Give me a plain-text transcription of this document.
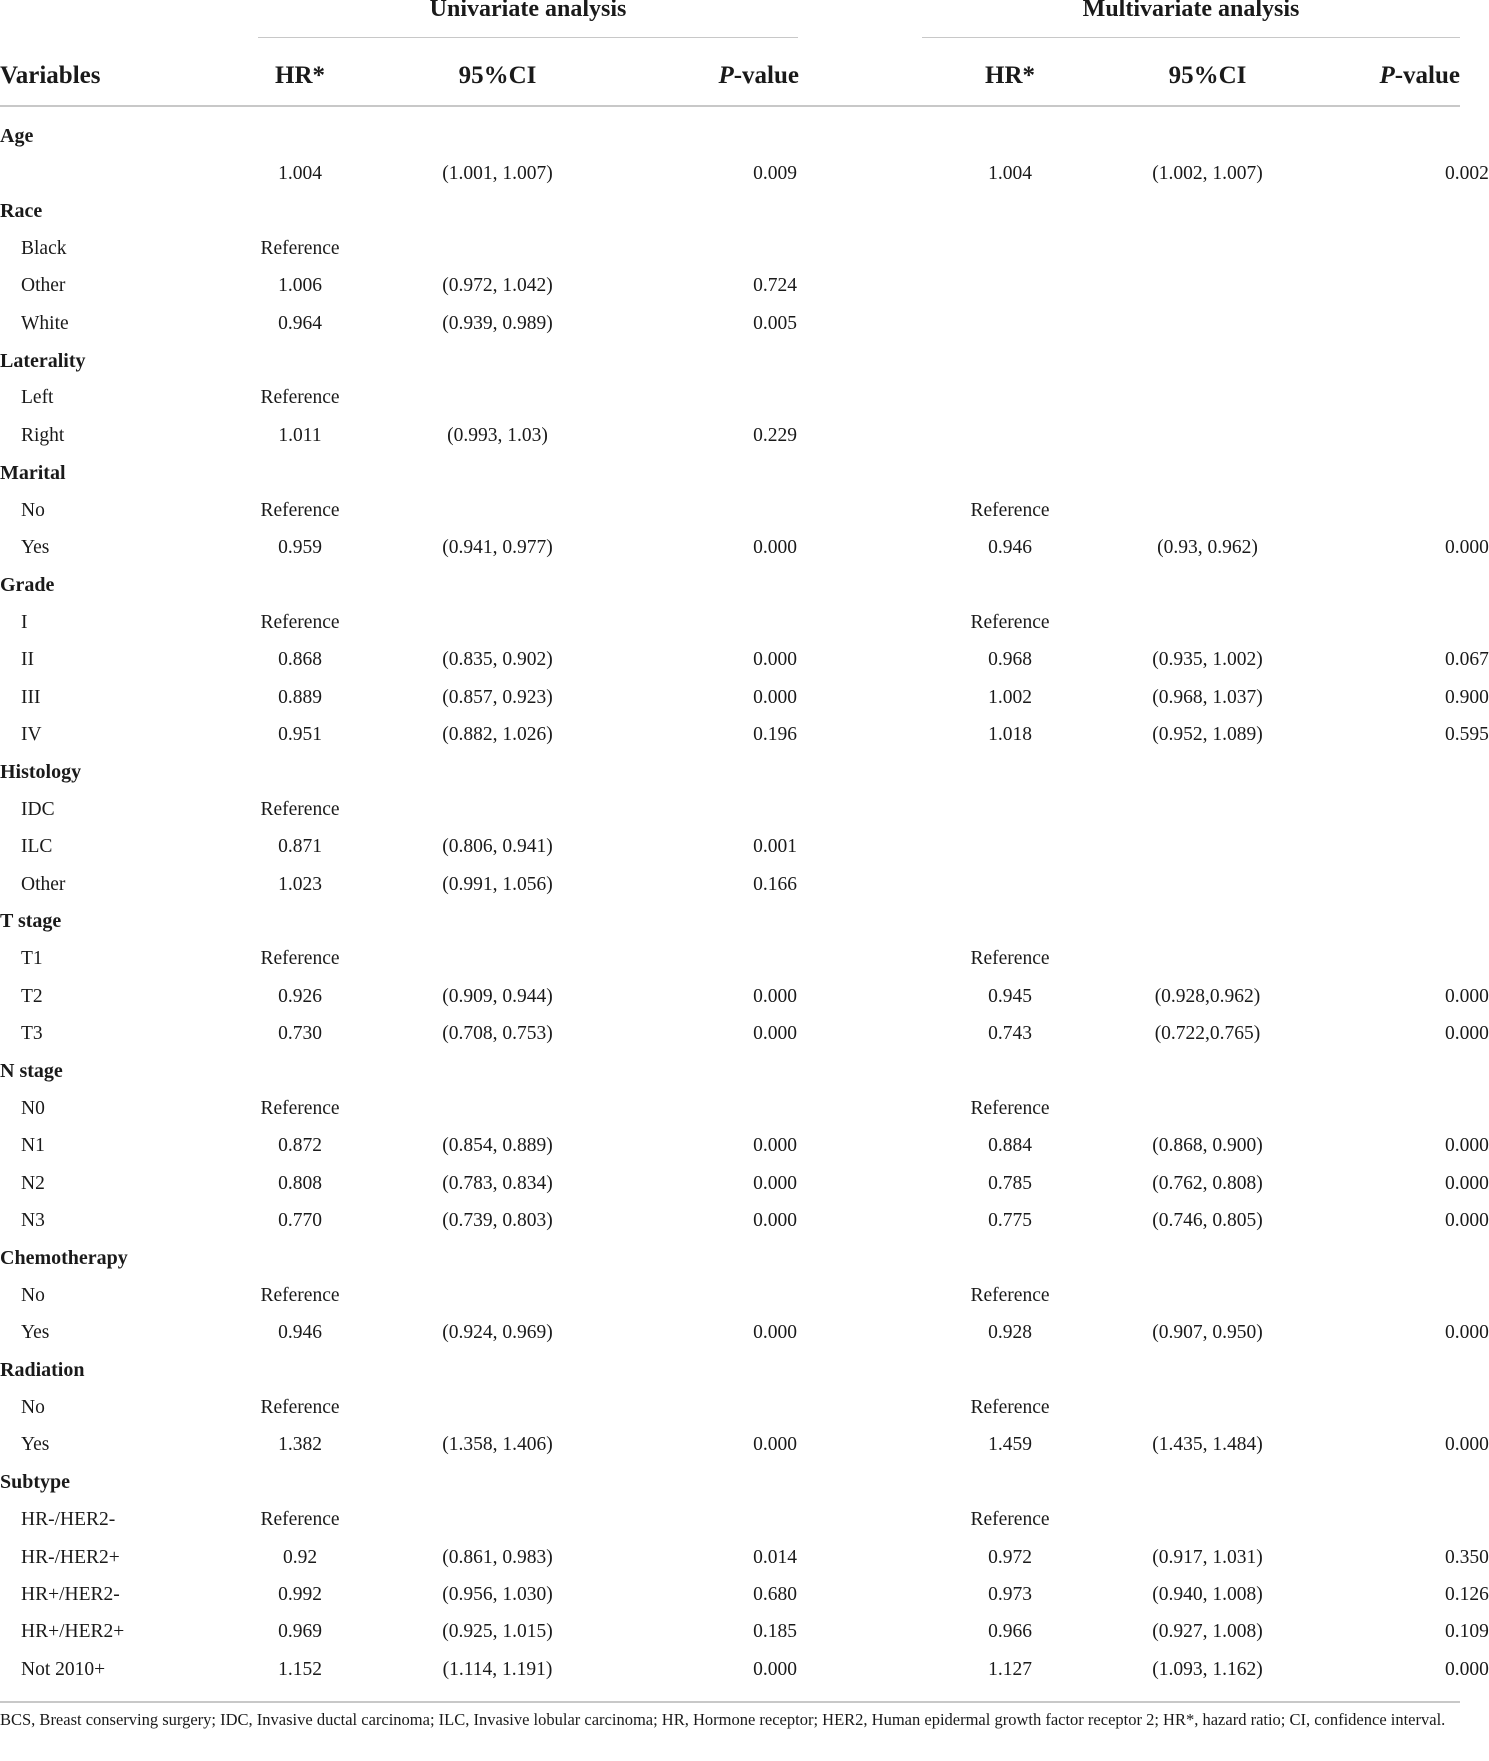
Univariate analysis	Multivariate analysis
Variables	HR*	95%CI	P-value		HR*	95%CI	P-value

Age							
	1.004	(1.001, 1.007)	0.009		1.004	(1.002, 1.007)	0.002
Race							
Black	Reference						
Other	1.006	(0.972, 1.042)	0.724				
White	0.964	(0.939, 0.989)	0.005				
Laterality							
Left	Reference						
Right	1.011	(0.993, 1.03)	0.229				
Marital							
No	Reference				Reference		
Yes	0.959	(0.941, 0.977)	0.000		0.946	(0.93, 0.962)	0.000
Grade							
I	Reference				Reference		
II	0.868	(0.835, 0.902)	0.000		0.968	(0.935, 1.002)	0.067
III	0.889	(0.857, 0.923)	0.000		1.002	(0.968, 1.037)	0.900
IV	0.951	(0.882, 1.026)	0.196		1.018	(0.952, 1.089)	0.595
Histology							
IDC	Reference						
ILC	0.871	(0.806, 0.941)	0.001				
Other	1.023	(0.991, 1.056)	0.166				
T stage							
T1	Reference				Reference		
T2	0.926	(0.909, 0.944)	0.000		0.945	(0.928,0.962)	0.000
T3	0.730	(0.708, 0.753)	0.000		0.743	(0.722,0.765)	0.000
N stage							
N0	Reference				Reference		
N1	0.872	(0.854, 0.889)	0.000		0.884	(0.868, 0.900)	0.000
N2	0.808	(0.783, 0.834)	0.000		0.785	(0.762, 0.808)	0.000
N3	0.770	(0.739, 0.803)	0.000		0.775	(0.746, 0.805)	0.000
Chemotherapy							
No	Reference				Reference		
Yes	0.946	(0.924, 0.969)	0.000		0.928	(0.907, 0.950)	0.000
Radiation							
No	Reference				Reference		
Yes	1.382	(1.358, 1.406)	0.000		1.459	(1.435, 1.484)	0.000
Subtype							
HR-/HER2-	Reference				Reference		
HR-/HER2+	0.92	(0.861, 0.983)	0.014		0.972	(0.917, 1.031)	0.350
HR+/HER2-	0.992	(0.956, 1.030)	0.680		0.973	(0.940, 1.008)	0.126
HR+/HER2+	0.969	(0.925, 1.015)	0.185		0.966	(0.927, 1.008)	0.109
Not 2010+	1.152	(1.114, 1.191)	0.000		1.127	(1.093, 1.162)	0.000
BCS, Breast conserving surgery; IDC, Invasive ductal carcinoma; ILC, Invasive lobular carcinoma; HR, Hormone receptor; HER2, Human epidermal growth factor receptor 2; HR*, hazard ratio; CI, confidence interval.
